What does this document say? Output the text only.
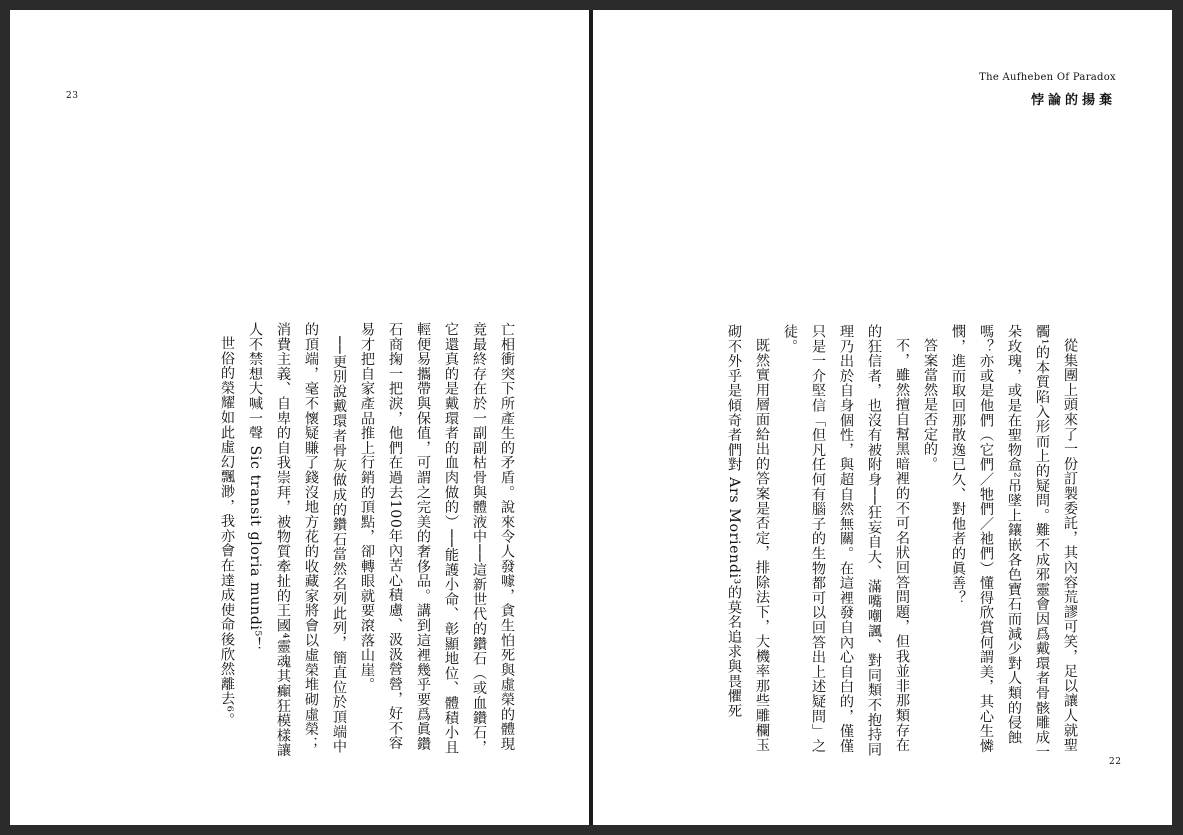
23

亡相衝突下所產生的矛盾。說來令人發噱，貪生怕死與虛榮的體現竟最終存在於一副副枯骨與體液中──這新世代的鑽石（或血鑽石，它還真的是戴環者的血肉做的）──能護小命、彰顯地位、體積小且輕便易攜帶與保值，可謂之完美的奢侈品。講到這裡幾乎要爲眞鑽石商掬一把淚，他們在過去100年內苦心積慮、汲汲營營，好不容易才把自家產品推上行銷的頂點，卻轉眼就要滾落山崖。

──更別說戴環者骨灰做成的鑽石當然名列此列，簡直位於頂端中的頂端，毫不懷疑賺了錢沒地方花的收藏家將會以虛榮堆砌虛榮；消費主義、自卑的自我崇拜，被物質牽扯的王國⁴靈魂其癲狂模樣讓人不禁想大喊一聲 Sic transit gloria mundi⁵！

世俗的榮耀如此虛幻飄渺，我亦會在達成使命後欣然離去⁶。

The Aufheben Of Paradox
悖論的揚棄

從集團上頭來了一份訂製委託，其內容荒謬可笑，足以讓人就聖髑¹的本質陷入形而上的疑問。難不成邪靈會因爲戴環者骨骸雕成一朵玫瑰，或是在聖物盒²吊墜上鑲嵌各色寶石而減少對人類的侵蝕嗎？亦或是他們（它們／牠們／祂們）懂得欣賞何謂美，其心生憐憫，進而取回那散逸已久、對他者的眞善？

答案當然是否定的。

不，雖然擅自幫黑暗裡的不可名狀回答問題，但我並非那類存在的狂信者，也沒有被附身──狂妄自大、滿嘴嘲諷、對同類不抱持同理乃出於自身個性，與超自然無關。在這裡發自內心自白的，僅僅只是一介堅信「但凡任何有腦子的生物都可以回答出上述疑問」之徒。

既然實用層面給出的答案是否定，排除法下，大機率那些雕欄玉砌不外乎是傾奇者們對 Ars Moriendi³的莫名追求與畏懼死

22
